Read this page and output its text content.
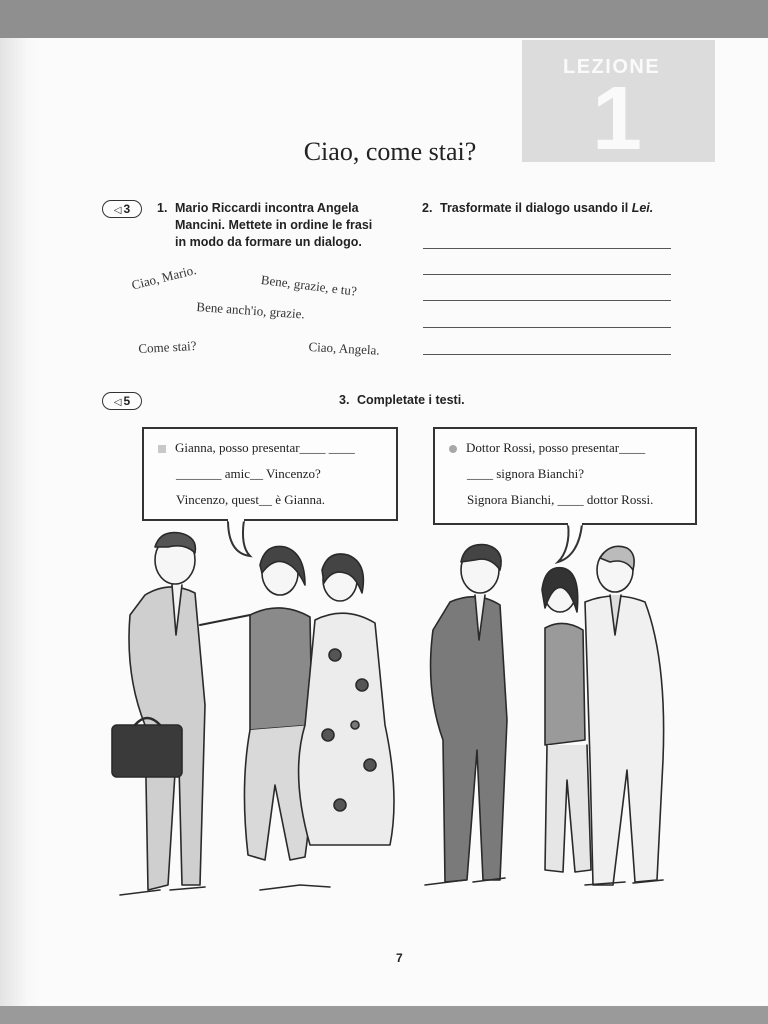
LEZIONE
1
Ciao, come stai?
◁ 3	1. Mario Riccardi incontra Angela
Mancini. Mettete in ordine le frasi
in modo da formare un dialogo.
Ciao, Mario.	Bene, grazie, e tu?
Bene anch'io, grazie.
Come stai?	Ciao, Angela.
2. Trasformate il dialogo usando il Lei.
◁ 5	3. Completate i testi.
Gianna, posso presentar____ ____
_______ amic__ Vincenzo?
Vincenzo, quest__ è Gianna.
Dottor Rossi, posso presentar____
____ signora Bianchi?
Signora Bianchi, ____ dottor Rossi.
7
